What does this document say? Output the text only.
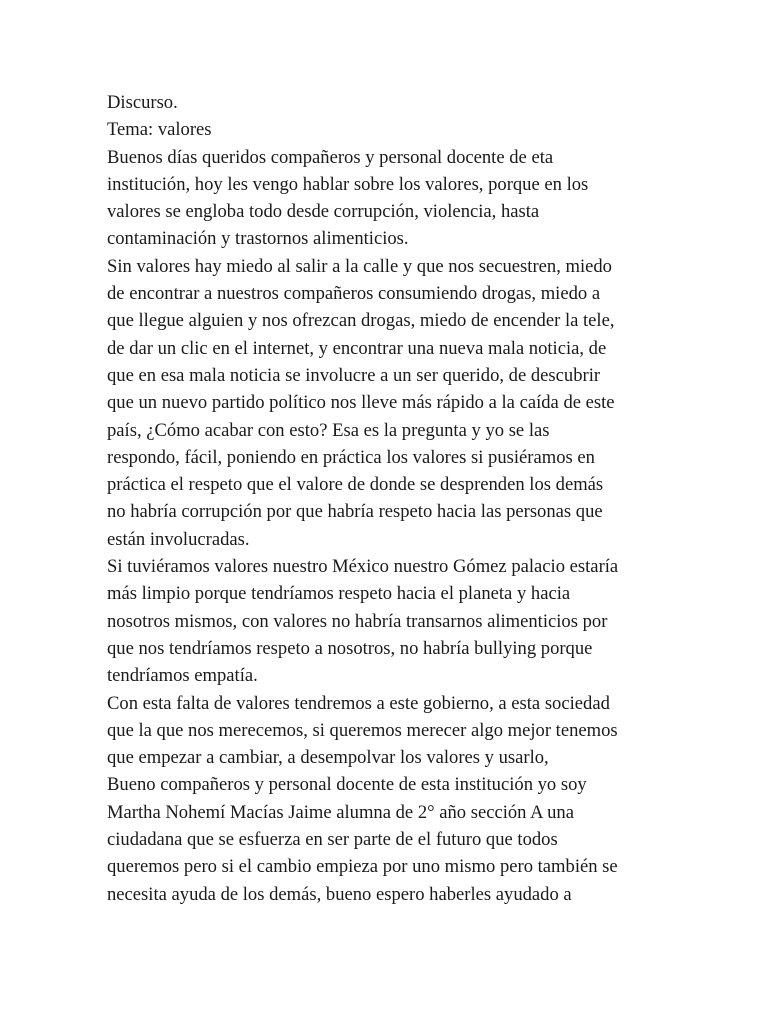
Discurso.
Tema: valores
Buenos días queridos compañeros y personal docente de eta
institución, hoy les vengo hablar sobre los valores, porque en los
valores se engloba todo desde corrupción, violencia, hasta
contaminación y trastornos alimenticios.
Sin valores hay miedo al salir a la calle y que nos secuestren, miedo
de encontrar a nuestros compañeros consumiendo drogas, miedo a
que llegue alguien y nos ofrezcan drogas, miedo de encender la tele,
de dar un clic en el internet, y encontrar una nueva mala noticia, de
que en esa mala noticia se involucre a un ser querido, de descubrir
que un nuevo partido político nos lleve más rápido a la caída de este
país, ¿Cómo acabar con esto? Esa es la pregunta y yo se las
respondo, fácil, poniendo en práctica los valores si pusiéramos en
práctica el respeto que el valore de donde se desprenden los demás
no habría corrupción por que habría respeto hacia las personas que
están involucradas.
Si tuviéramos valores nuestro México nuestro Gómez palacio estaría
más limpio porque tendríamos respeto hacia el planeta y hacia
nosotros mismos, con valores no habría transarnos alimenticios por
que nos tendríamos respeto a nosotros, no habría bullying porque
tendríamos empatía.
Con esta falta de valores tendremos a este gobierno, a esta sociedad
que la que nos merecemos, si queremos merecer algo mejor tenemos
que empezar a cambiar, a desempolvar los valores y usarlo,
Bueno compañeros y personal docente de esta institución yo soy
Martha Nohemí Macías Jaime alumna de 2° año sección A una
ciudadana que se esfuerza en ser parte de el futuro que todos
queremos pero si el cambio empieza por uno mismo pero también se
necesita ayuda de los demás, bueno espero haberles ayudado a
